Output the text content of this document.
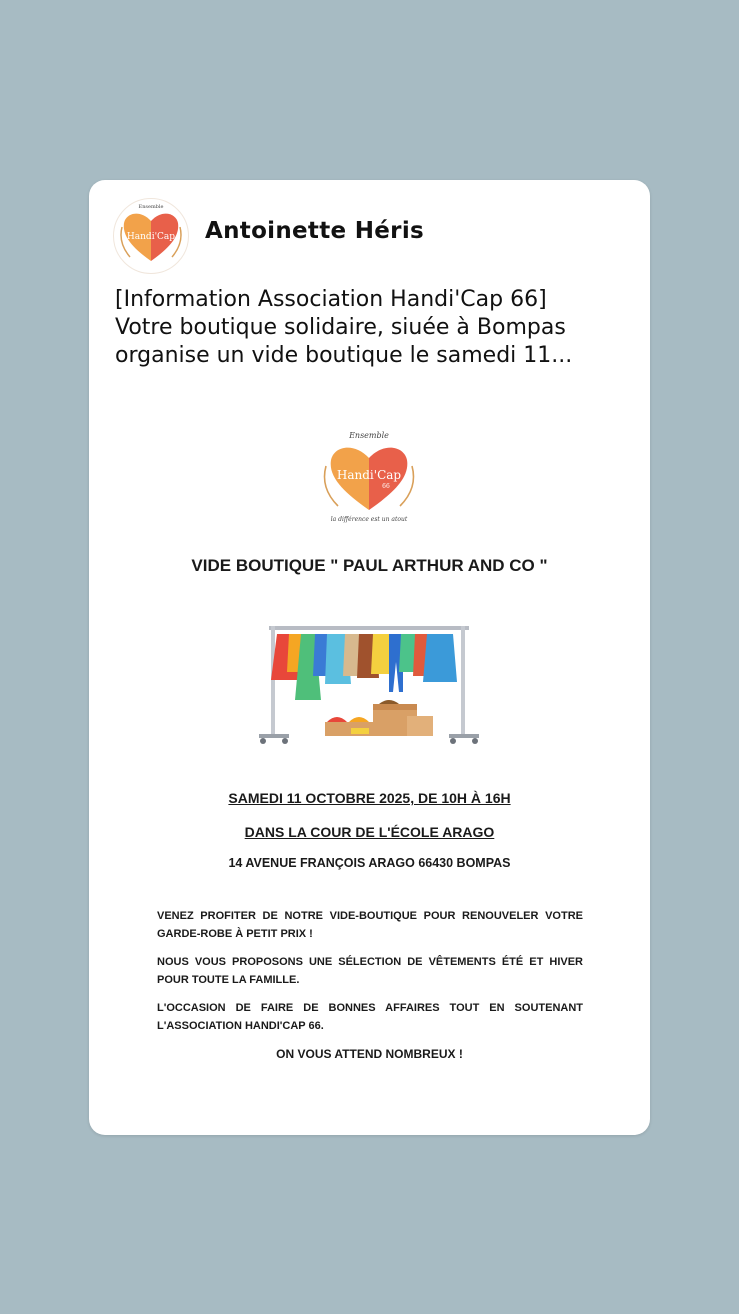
Handi'Cap
Ensemble
Antoinette Héris
[Information Association Handi'Cap 66]
Votre boutique solidaire, siuée à Bompas
organise un vide boutique le samedi 11...
Ensemble
Handi'Cap
66
la différence est un atout
VIDE BOUTIQUE " PAUL ARTHUR AND CO "
SAMEDI 11 OCTOBRE 2025, DE 10H À 16H
DANS LA COUR DE L'ÉCOLE ARAGO
14 AVENUE FRANÇOIS ARAGO 66430 BOMPAS
VENEZ PROFITER DE NOTRE VIDE-BOUTIQUE POUR RENOUVELER VOTRE GARDE-ROBE À PETIT PRIX !
NOUS VOUS PROPOSONS UNE SÉLECTION DE VÊTEMENTS ÉTÉ ET HIVER POUR TOUTE LA FAMILLE.
L'OCCASION DE FAIRE DE BONNES AFFAIRES TOUT EN SOUTENANT L'ASSOCIATION HANDI'CAP 66.
ON VOUS ATTEND NOMBREUX !
